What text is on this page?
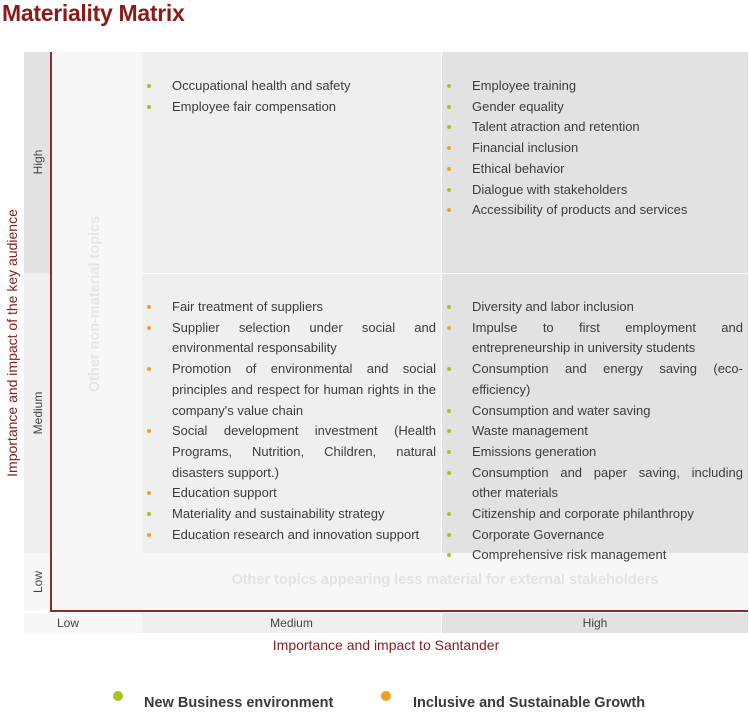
Materiality Matrix
High
Medium
Low
Importance and impact of the key audience	Other non-material topics
Other topics appearing less material for external stakeholders
Occupational health and safety
Employee fair compensation
Employee training
Gender equality
Talent atraction and retention
Financial inclusion
Ethical behavior
Dialogue with stakeholders
Accessibility of products and services
Fair treatment of suppliers
Supplier selection under social and environmental responsability
Promotion of environmental and social principles and respect for human rights in the company's value chain
Social development investment (Health Programs, Nutrition, Children, natural disasters support.)
Education support
Materiality and sustainability strategy
Education research and innovation support
Diversity and labor inclusion
Impulse to first employment and entrepreneurship in university students
Consumption and energy saving (eco-efficiency)
Consumption and water saving
Waste management
Emissions generation
Consumption and paper saving, including other materials
Citizenship and corporate philanthropy
Corporate Governance
Comprehensive risk management
Low	Medium	High
Importance and impact to Santander
New Business environment	Inclusive and Sustainable Growth
